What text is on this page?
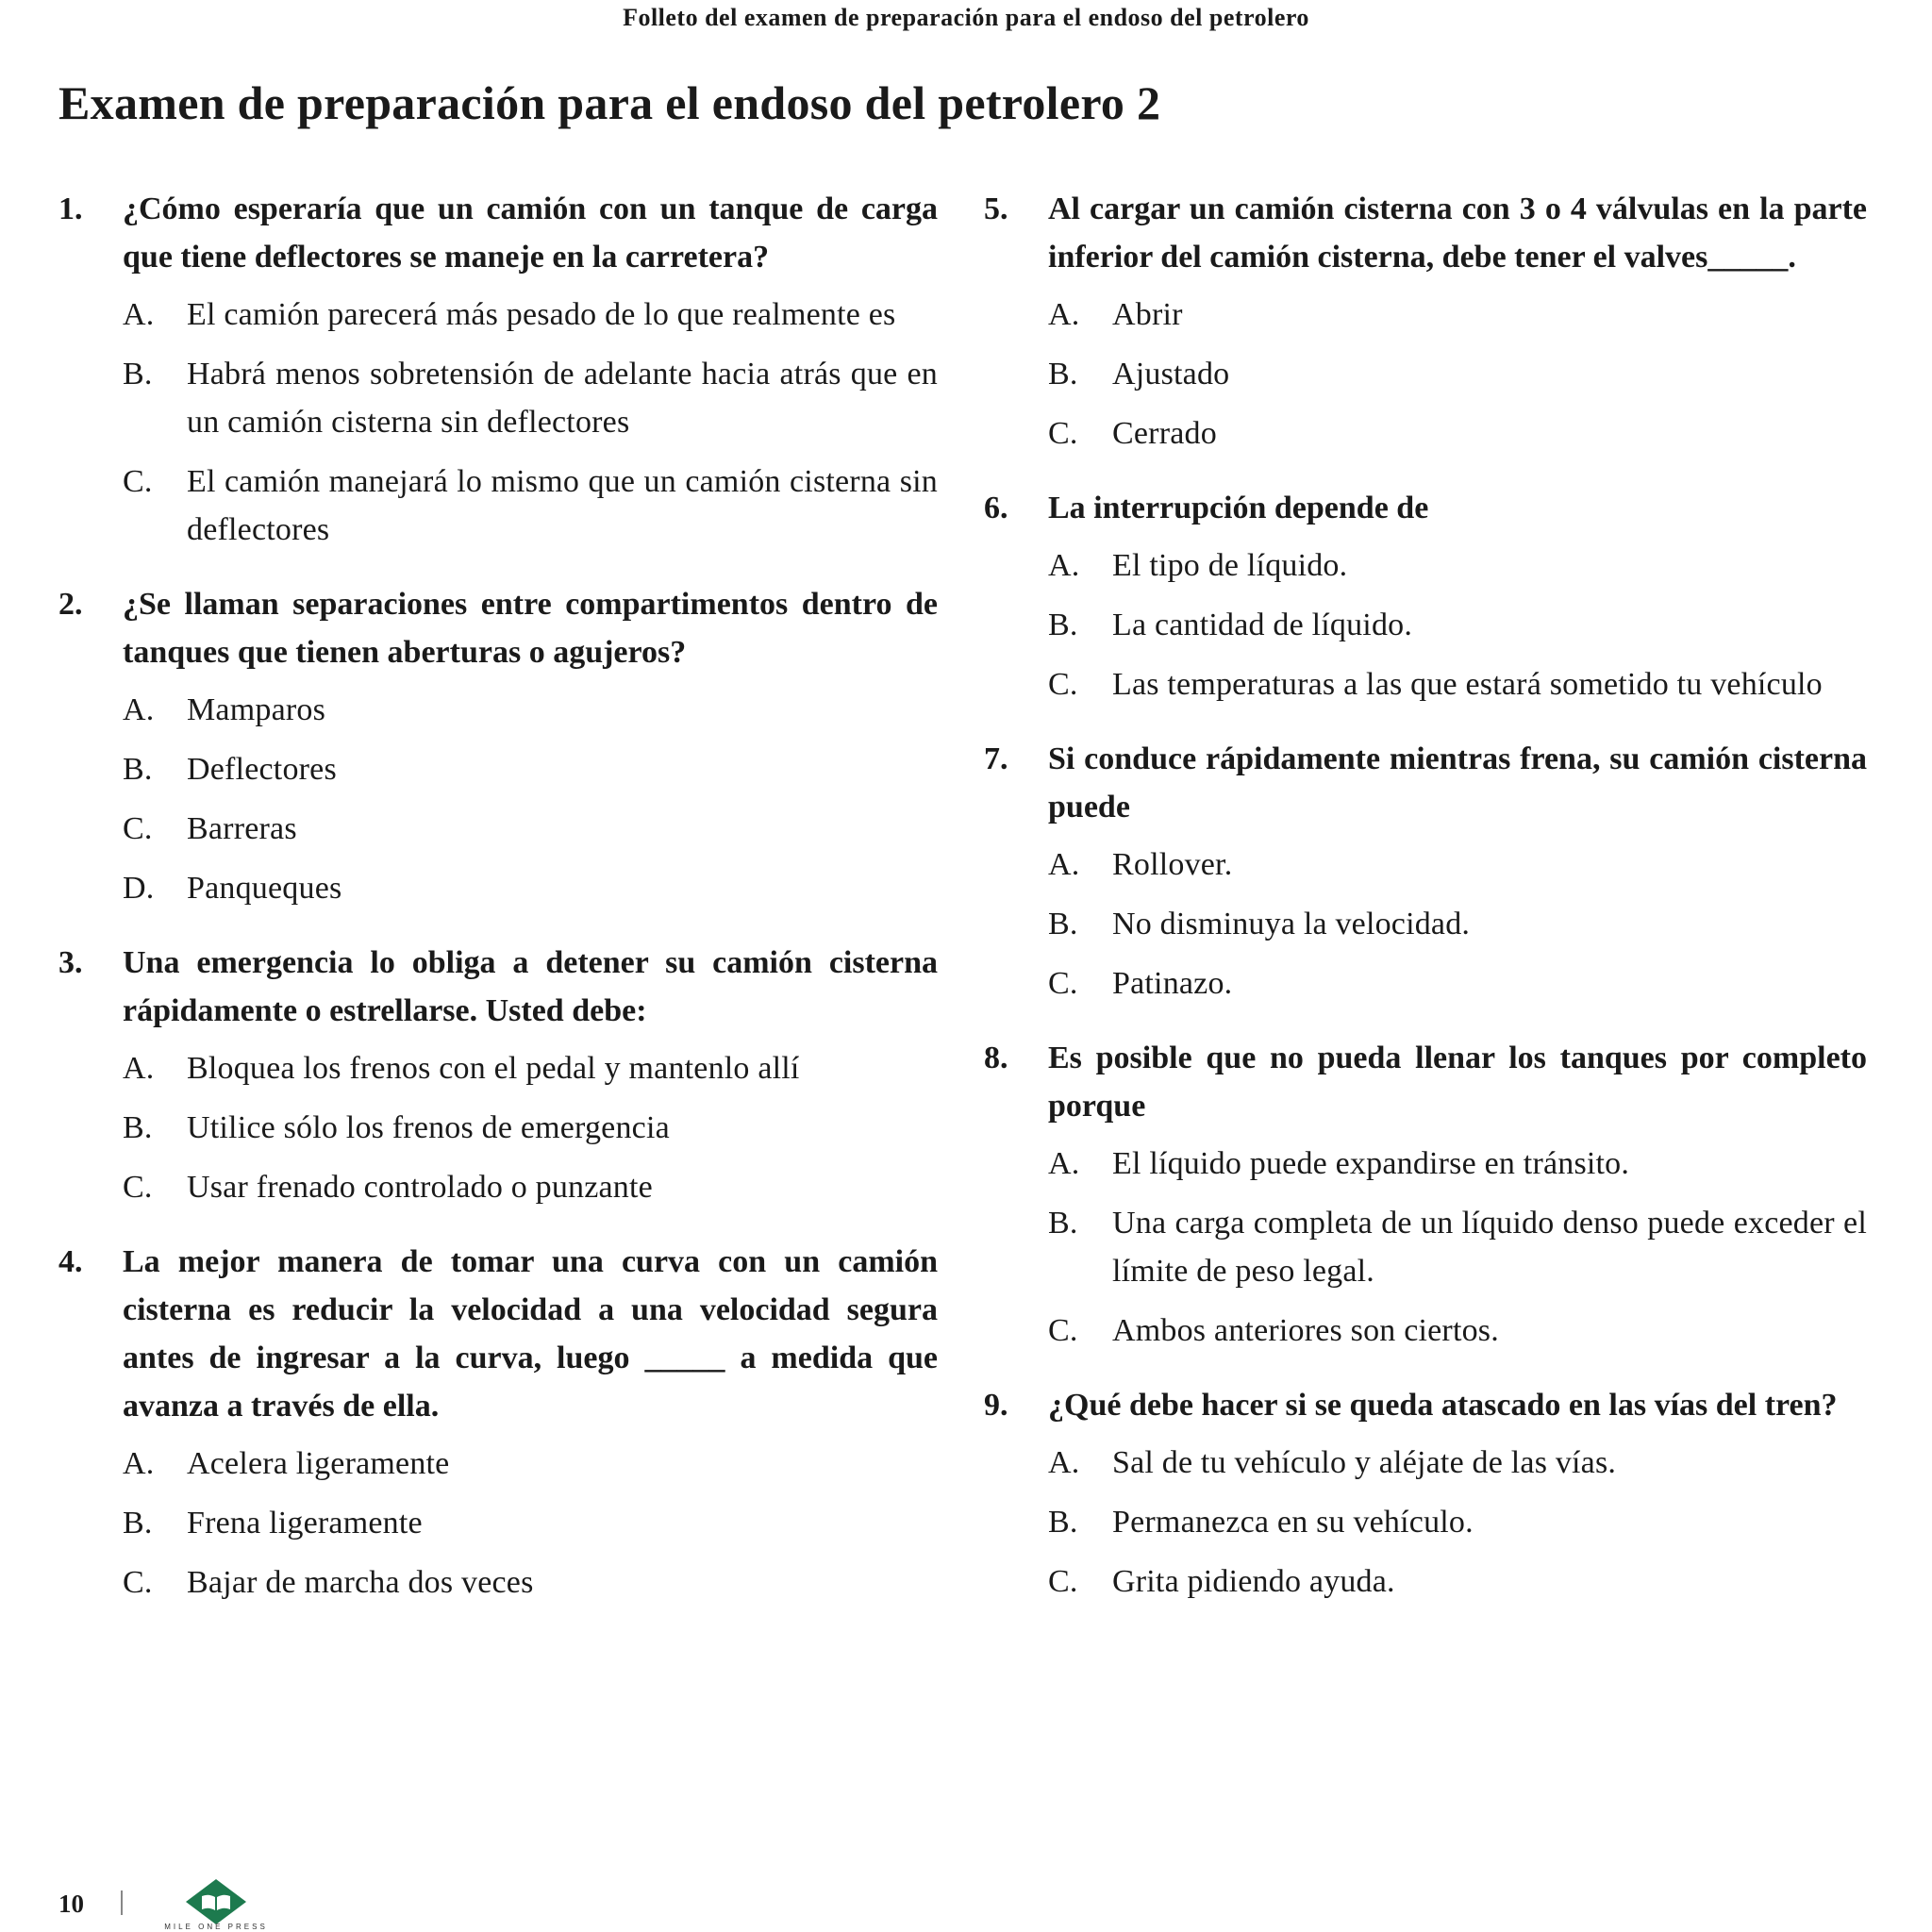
Folleto del examen de preparación para el endoso del petrolero
Examen de preparación para el endoso del petrolero 2
1. ¿Cómo esperaría que un camión con un tanque de carga que tiene deflectores se maneje en la carretera?
A. El camión parecerá más pesado de lo que realmente es
B. Habrá menos sobretensión de adelante hacia atrás que en un camión cisterna sin deflectores
C. El camión manejará lo mismo que un camión cisterna sin deflectores
2. ¿Se llaman separaciones entre compartimentos dentro de tanques que tienen aberturas o agujeros?
A. Mamparos
B. Deflectores
C. Barreras
D. Panqueques
3. Una emergencia lo obliga a detener su camión cisterna rápidamente o estrellarse. Usted debe:
A. Bloquea los frenos con el pedal y mantenlo allí
B. Utilice sólo los frenos de emergencia
C. Usar frenado controlado o punzante
4. La mejor manera de tomar una curva con un camión cisterna es reducir la velocidad a una velocidad segura antes de ingresar a la curva, luego _____ a medida que avanza a través de ella.
A. Acelera ligeramente
B. Frena ligeramente
C. Bajar de marcha dos veces
5. Al cargar un camión cisterna con 3 o 4 válvulas en la parte inferior del camión cisterna, debe tener el valves_____.
A. Abrir
B. Ajustado
C. Cerrado
6. La interrupción depende de
A. El tipo de líquido.
B. La cantidad de líquido.
C. Las temperaturas a las que estará sometido tu vehículo
7. Si conduce rápidamente mientras frena, su camión cisterna puede
A. Rollover.
B. No disminuya la velocidad.
C. Patinazo.
8. Es posible que no pueda llenar los tanques por completo porque
A. El líquido puede expandirse en tránsito.
B. Una carga completa de un líquido denso puede exceder el límite de peso legal.
C. Ambos anteriores son ciertos.
9. ¿Qué debe hacer si se queda atascado en las vías del tren?
A. Sal de tu vehículo y aléjate de las vías.
B. Permanezca en su vehículo.
C. Grita pidiendo ayuda.
10
MILE ONE PRESS
